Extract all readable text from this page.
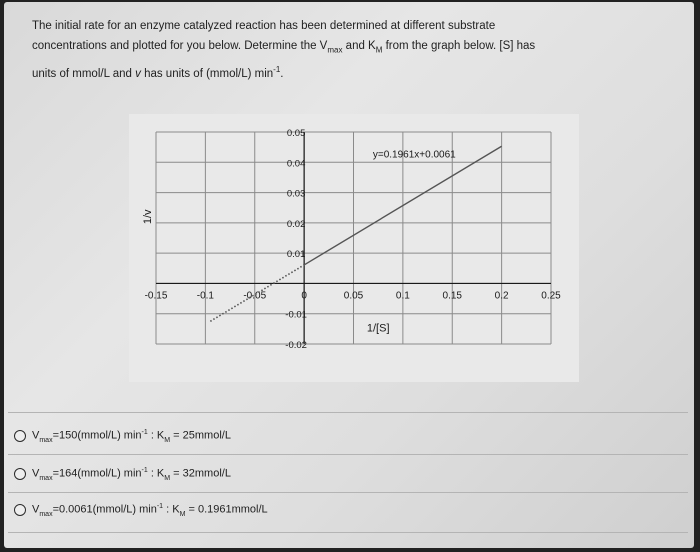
The initial rate for an enzyme catalyzed reaction has been determined at different substrate
concentrations and plotted for you below. Determine the $V_{max}$ and $K_M$ from the graph below. [S] has
units of mmol/L and v has units of (mmol/L) $\min^{-1}$.
-0.15	-0.1	-0.05	0	0.05	0.1	0.15	0.2	0.25
0.05
0.04
0.03
0.02
0.01
-0.01
-0.02
y=0.1961x+0.0061
1/[S]
1/v
$V_{max}=150(mmol/L)$ $\min^{-1}$ : $K_M$ = 25mmol/L
$V_{max}=164(mmol/L)$ $\min^{-1}$ : $K_M$ = 32mmol/L
$V_{max}=0.0061(mmol/L)$ $\min^{-1}$ : $K_M$ = 0.1961mmol/L
